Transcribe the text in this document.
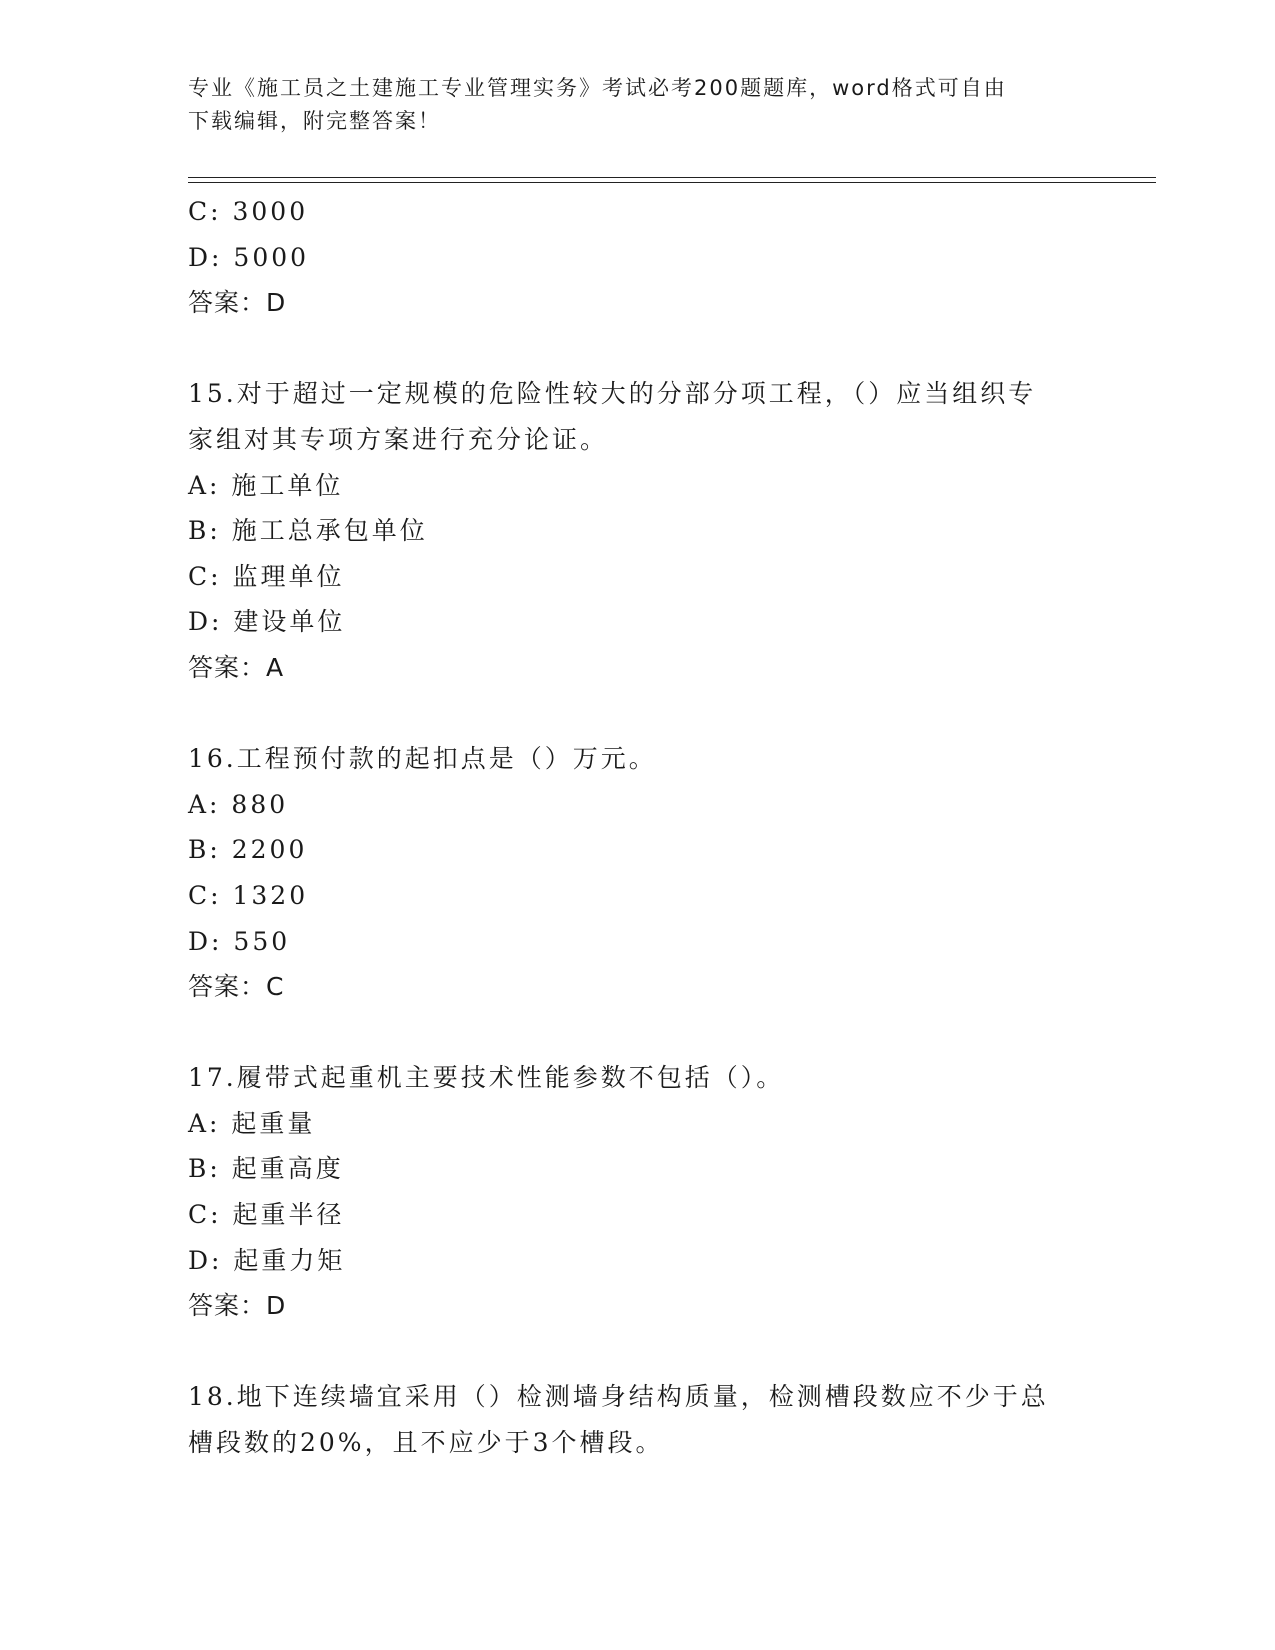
专业《施工员之土建施工专业管理实务》考试必考200题题库，word格式可自由
下载编辑，附完整答案！
C: 3000
D: 5000
答案：D
15.对于超过一定规模的危险性较大的分部分项工程，（）应当组织专
家组对其专项方案进行充分论证。
A: 施工单位
B: 施工总承包单位
C: 监理单位
D: 建设单位
答案：A
16.工程预付款的起扣点是（）万元。
A: 880
B: 2200
C: 1320
D: 550
答案：C
17.履带式起重机主要技术性能参数不包括（）。
A: 起重量
B: 起重高度
C: 起重半径
D: 起重力矩
答案：D
18.地下连续墙宜采用（）检测墙身结构质量，检测槽段数应不少于总
槽段数的20%，且不应少于3个槽段。
